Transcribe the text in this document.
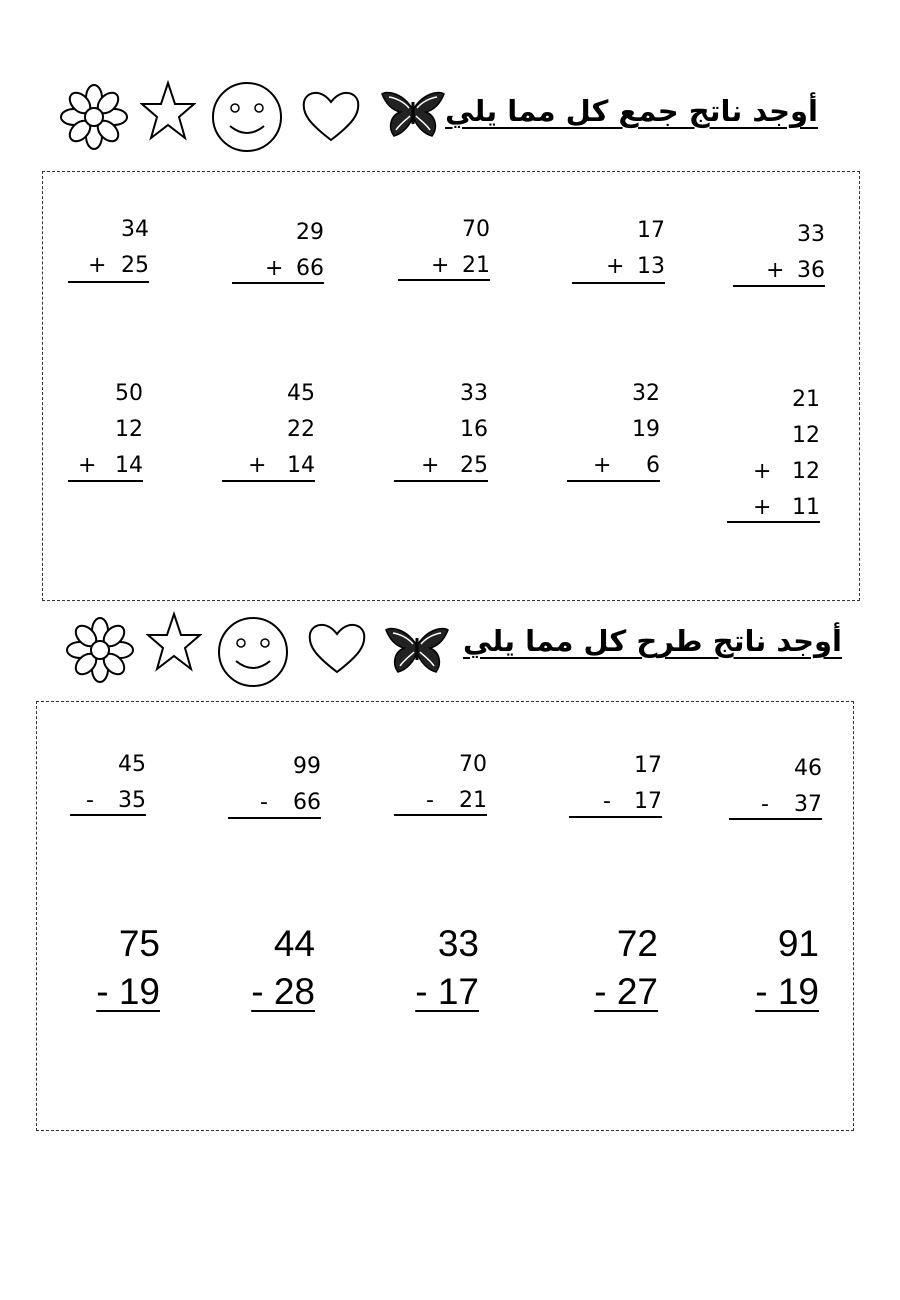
أوجد ناتج جمع كل مما يلي
34
+ 25
29
+ 66
70
+ 21
17
+ 13
33
+ 36
50
12
+ 14
45
22
+ 14
33
16
+ 25
32
19
+ 6
21
12
+ 12
+ 11
أوجد ناتج طرح كل مما يلي
45
- 35
99
- 66
70
- 21
17
- 17
46
- 37
75
- 19
44
- 28
33
- 17
72
- 27
91
- 19
